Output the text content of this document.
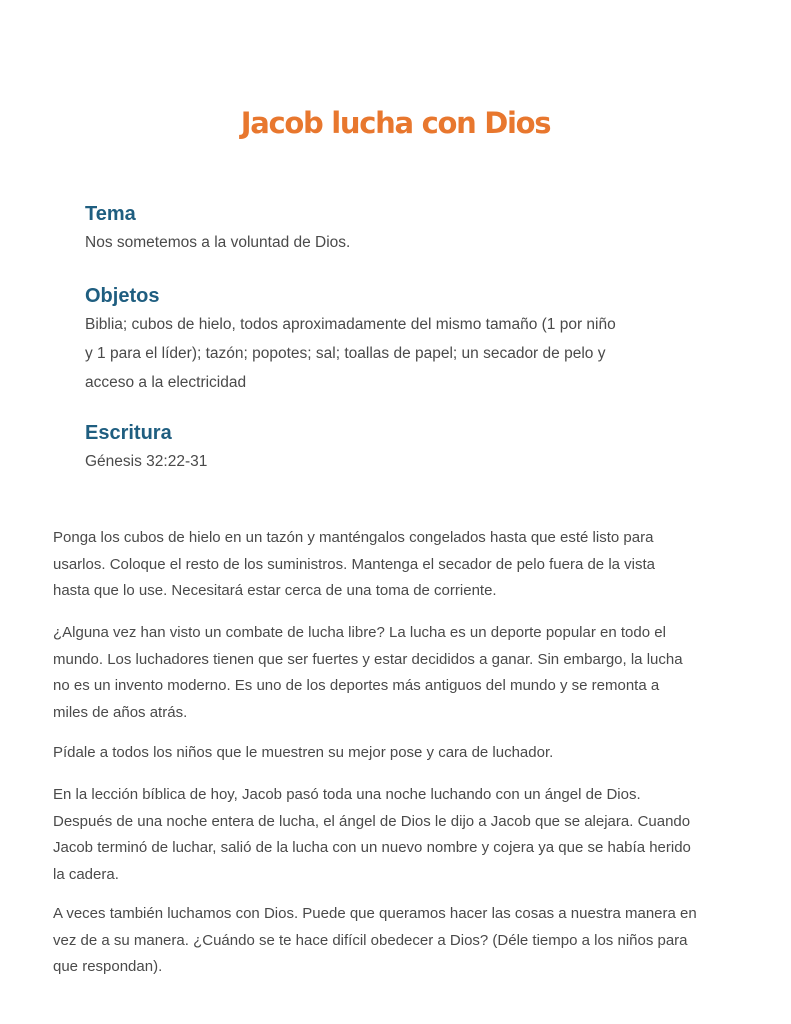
Jacob lucha con Dios
Tema

Nos sometemos a la voluntad de Dios.

Objetos

Biblia; cubos de hielo, todos aproximadamente del mismo tamaño (1 por niño

y 1 para el líder); tazón; popotes; sal; toallas de papel; un secador de pelo y

acceso a la electricidad

Escritura

Génesis 32:22-31

Ponga los cubos de hielo en un tazón y manténgalos congelados hasta que esté listo para
usarlos. Coloque el resto de los suministros. Mantenga el secador de pelo fuera de la vista
hasta que lo use. Necesitará estar cerca de una toma de corriente.
¿Alguna vez han visto un combate de lucha libre? La lucha es un deporte popular en todo el
mundo. Los luchadores tienen que ser fuertes y estar decididos a ganar. Sin embargo, la lucha
no es un invento moderno. Es uno de los deportes más antiguos del mundo y se remonta a
miles de años atrás.
Pídale a todos los niños que le muestren su mejor pose y cara de luchador.
En la lección bíblica de hoy, Jacob pasó toda una noche luchando con un ángel de Dios.
Después de una noche entera de lucha, el ángel de Dios le dijo a Jacob que se alejara. Cuando
Jacob terminó de luchar, salió de la lucha con un nuevo nombre y cojera ya que se había herido
la cadera.
A veces también luchamos con Dios. Puede que queramos hacer las cosas a nuestra manera en
vez de a su manera. ¿Cuándo se te hace difícil obedecer a Dios? (Déle tiempo a los niños para
que respondan).
